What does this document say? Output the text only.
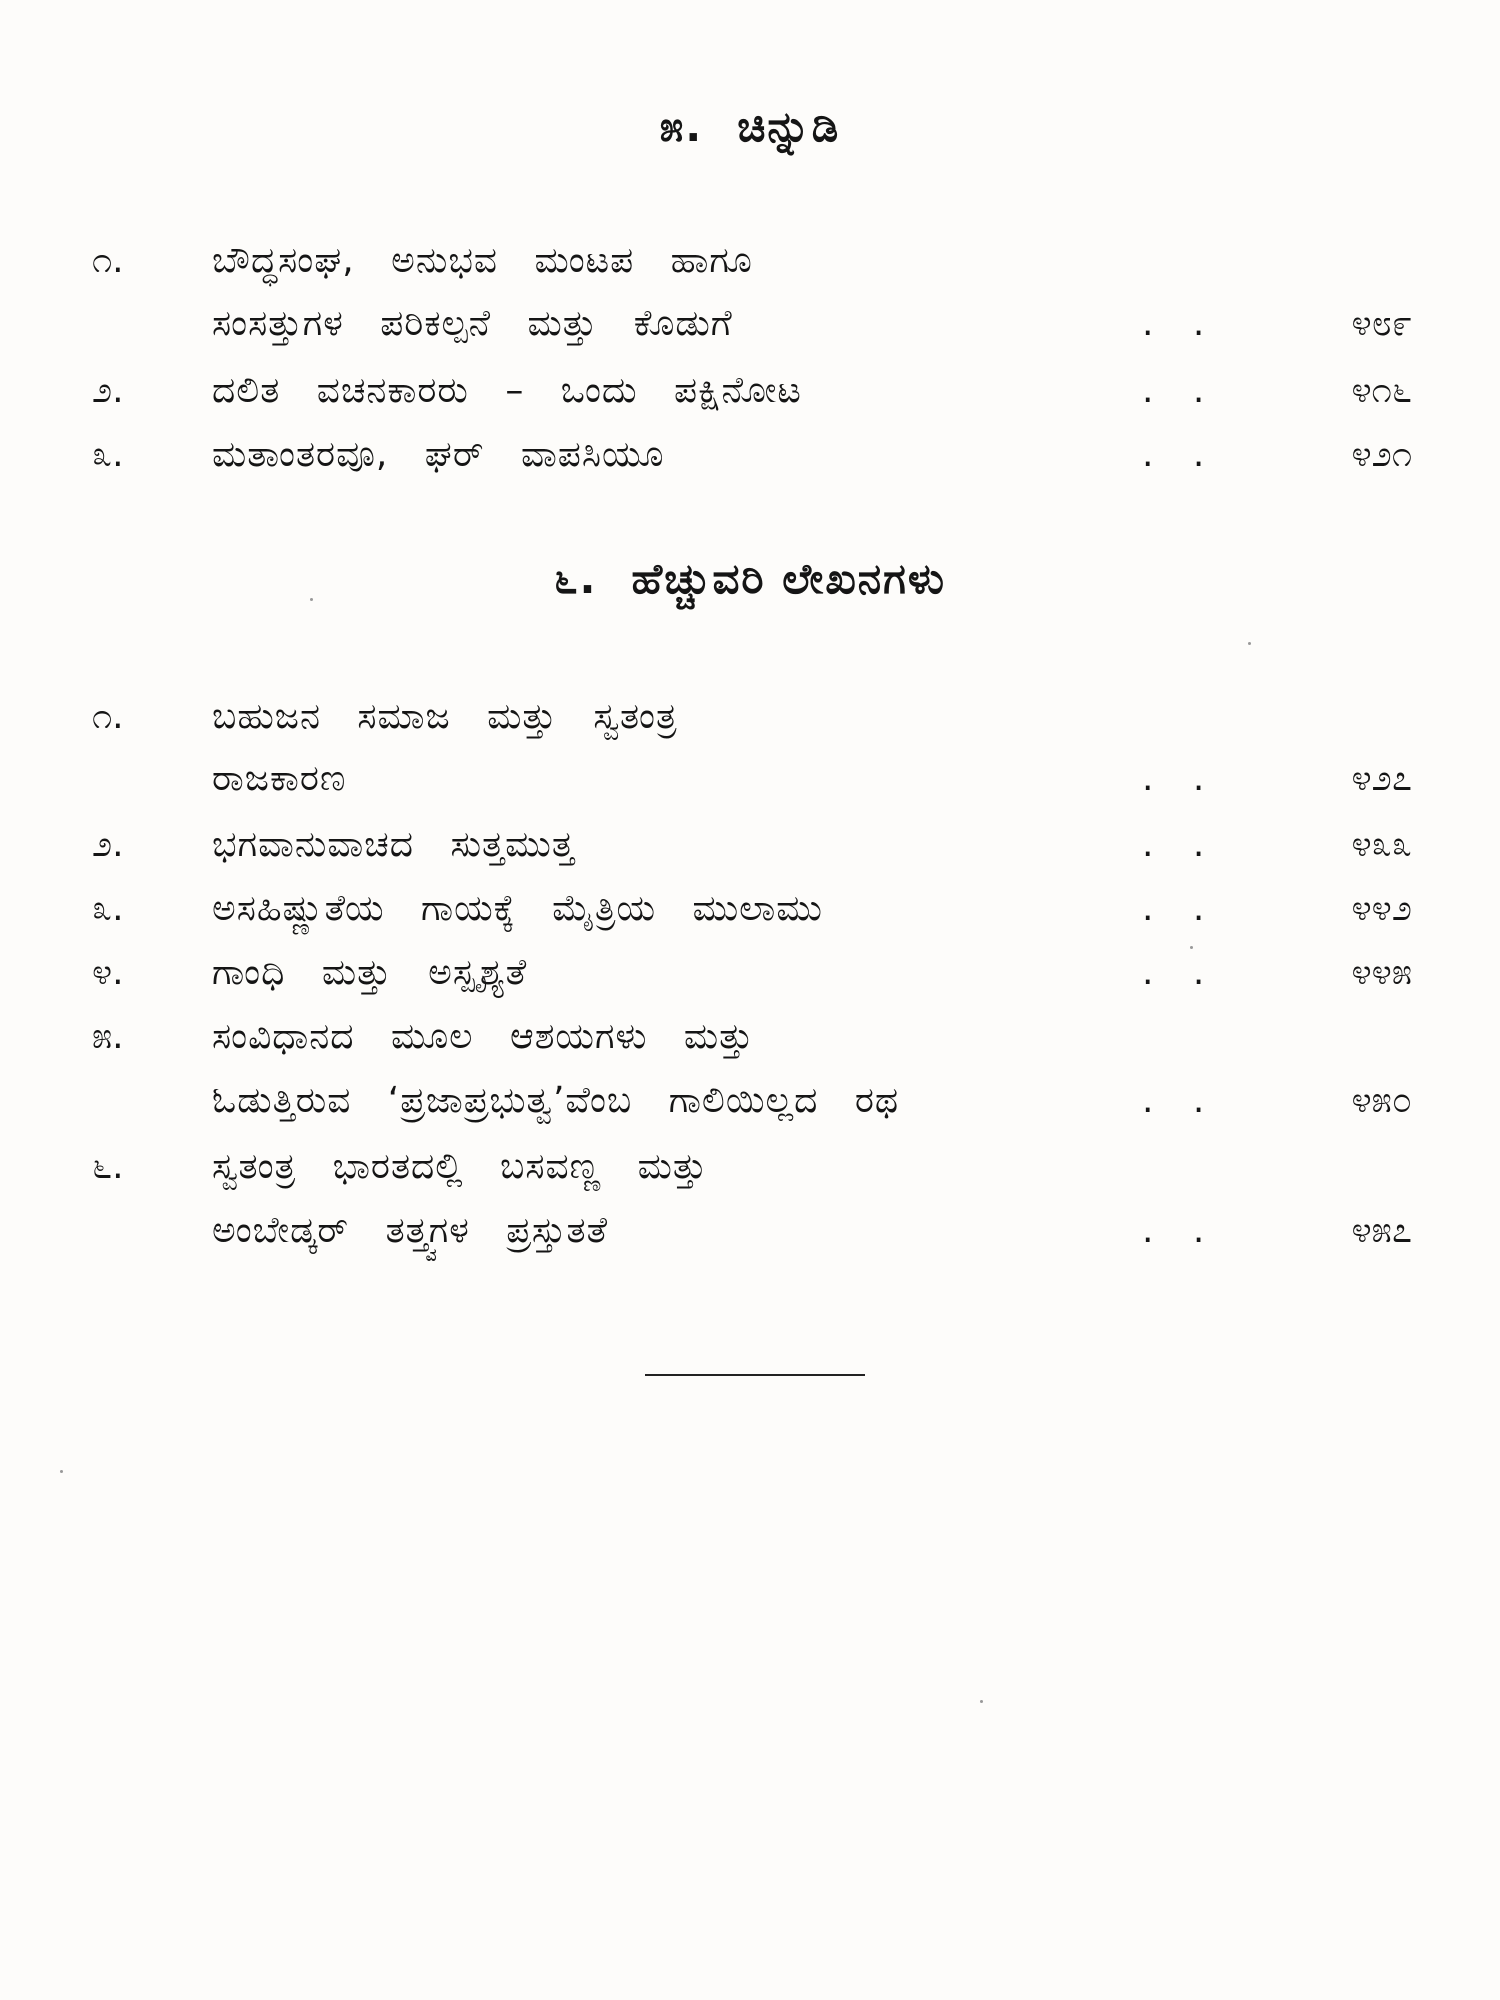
೫. ಚಿನ್ನುಡಿ
೧.	ಬೌದ್ಧಸಂಘ, ಅನುಭವ ಮಂಟಪ ಹಾಗೂ
ಸಂಸತ್ತುಗಳ ಪರಿಕಲ್ಪನೆ ಮತ್ತು ಕೊಡುಗೆ	. .	೪೮೯
೨.	ದಲಿತ ವಚನಕಾರರು – ಒಂದು ಪಕ್ಷಿನೋಟ	. .	೪೧೬
೩.	ಮತಾಂತರವೂ, ಘರ್ ವಾಪಸಿಯೂ	. .	೪೨೧
೬. ಹೆಚ್ಚುವರಿ ಲೇಖನಗಳು
೧.	ಬಹುಜನ ಸಮಾಜ ಮತ್ತು ಸ್ವತಂತ್ರ
ರಾಜಕಾರಣ	. .	೪೨೭
೨.	ಭಗವಾನುವಾಚದ ಸುತ್ತಮುತ್ತ	. .	೪೩೩
೩.	ಅಸಹಿಷ್ಣುತೆಯ ಗಾಯಕ್ಕೆ ಮೈತ್ರಿಯ ಮುಲಾಮು	. .	೪೪೨
೪.	ಗಾಂಧಿ ಮತ್ತು ಅಸ್ಪೃಶ್ಯತೆ	. .	೪೪೫
೫.	ಸಂವಿಧಾನದ ಮೂಲ ಆಶಯಗಳು ಮತ್ತು
ಓಡುತ್ತಿರುವ ‘ಪ್ರಜಾಪ್ರಭುತ್ವ’ವೆಂಬ ಗಾಲಿಯಿಲ್ಲದ ರಥ	. .	೪೫೦
೬.	ಸ್ವತಂತ್ರ ಭಾರತದಲ್ಲಿ ಬಸವಣ್ಣ ಮತ್ತು
ಅಂಬೇಡ್ಕರ್ ತತ್ತ್ವಗಳ ಪ್ರಸ್ತುತತೆ	. .	೪೫೭
